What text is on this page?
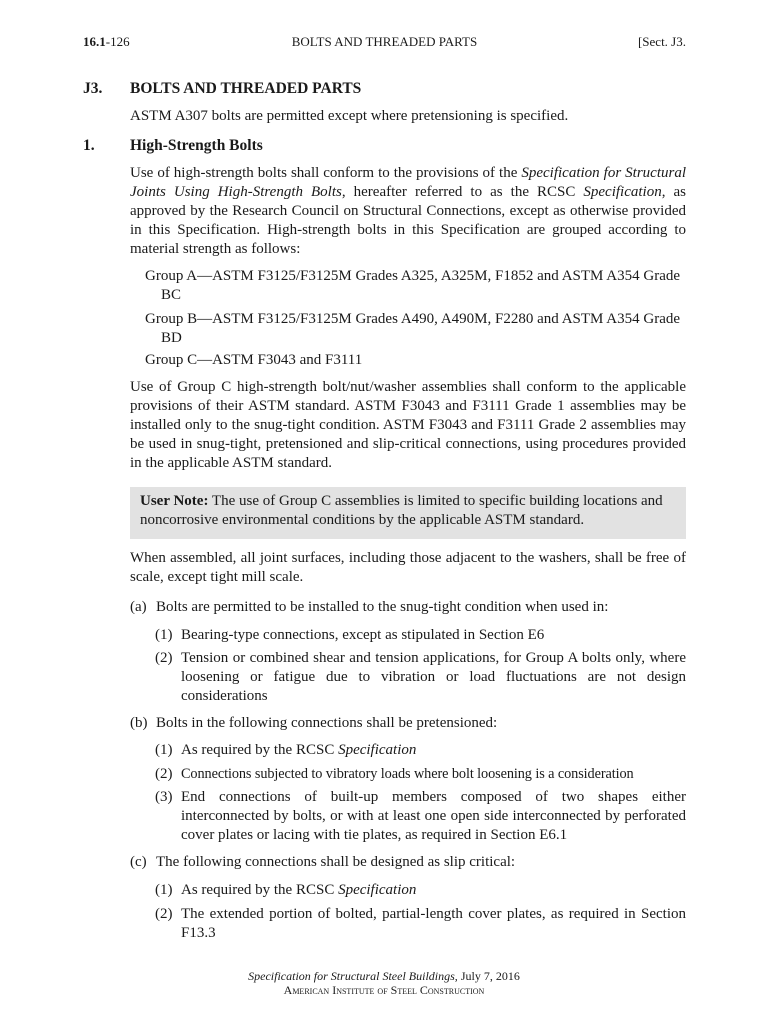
16.1-126	BOLTS AND THREADED PARTS	[Sect. J3.
J3. BOLTS AND THREADED PARTS
ASTM A307 bolts are permitted except where pretensioning is specified.
1. High-Strength Bolts
Use of high-strength bolts shall conform to the provisions of the Specification for Structural Joints Using High-Strength Bolts, hereafter referred to as the RCSC Specification, as approved by the Research Council on Structural Connections, except as otherwise provided in this Specification. High-strength bolts in this Specification are grouped according to material strength as follows:

Group A—ASTM F3125/F3125M Grades A325, A325M, F1852 and ASTM A354 Grade BC

Group B—ASTM F3125/F3125M Grades A490, A490M, F2280 and ASTM A354 Grade BD

Group C—ASTM F3043 and F3111

Use of Group C high-strength bolt/nut/washer assemblies shall conform to the applicable provisions of their ASTM standard. ASTM F3043 and F3111 Grade 1 assemblies may be installed only to the snug-tight condition. ASTM F3043 and F3111 Grade 2 assemblies may be used in snug-tight, pretensioned and slip-critical connections, using procedures provided in the applicable ASTM standard.
User Note: The use of Group C assemblies is limited to specific building locations and noncorrosive environmental conditions by the applicable ASTM standard.
When assembled, all joint surfaces, including those adjacent to the washers, shall be free of scale, except tight mill scale.
(a) Bolts are permitted to be installed to the snug-tight condition when used in:
(1) Bearing-type connections, except as stipulated in Section E6
(2) Tension or combined shear and tension applications, for Group A bolts only, where loosening or fatigue due to vibration or load fluctuations are not design considerations
(b) Bolts in the following connections shall be pretensioned:
(1) As required by the RCSC Specification
(2) Connections subjected to vibratory loads where bolt loosening is a consideration
(3) End connections of built-up members composed of two shapes either interconnected by bolts, or with at least one open side interconnected by perforated cover plates or lacing with tie plates, as required in Section E6.1
(c) The following connections shall be designed as slip critical:
(1) As required by the RCSC Specification
(2) The extended portion of bolted, partial-length cover plates, as required in Section F13.3
Specification for Structural Steel Buildings, July 7, 2016
American Institute of Steel Construction
